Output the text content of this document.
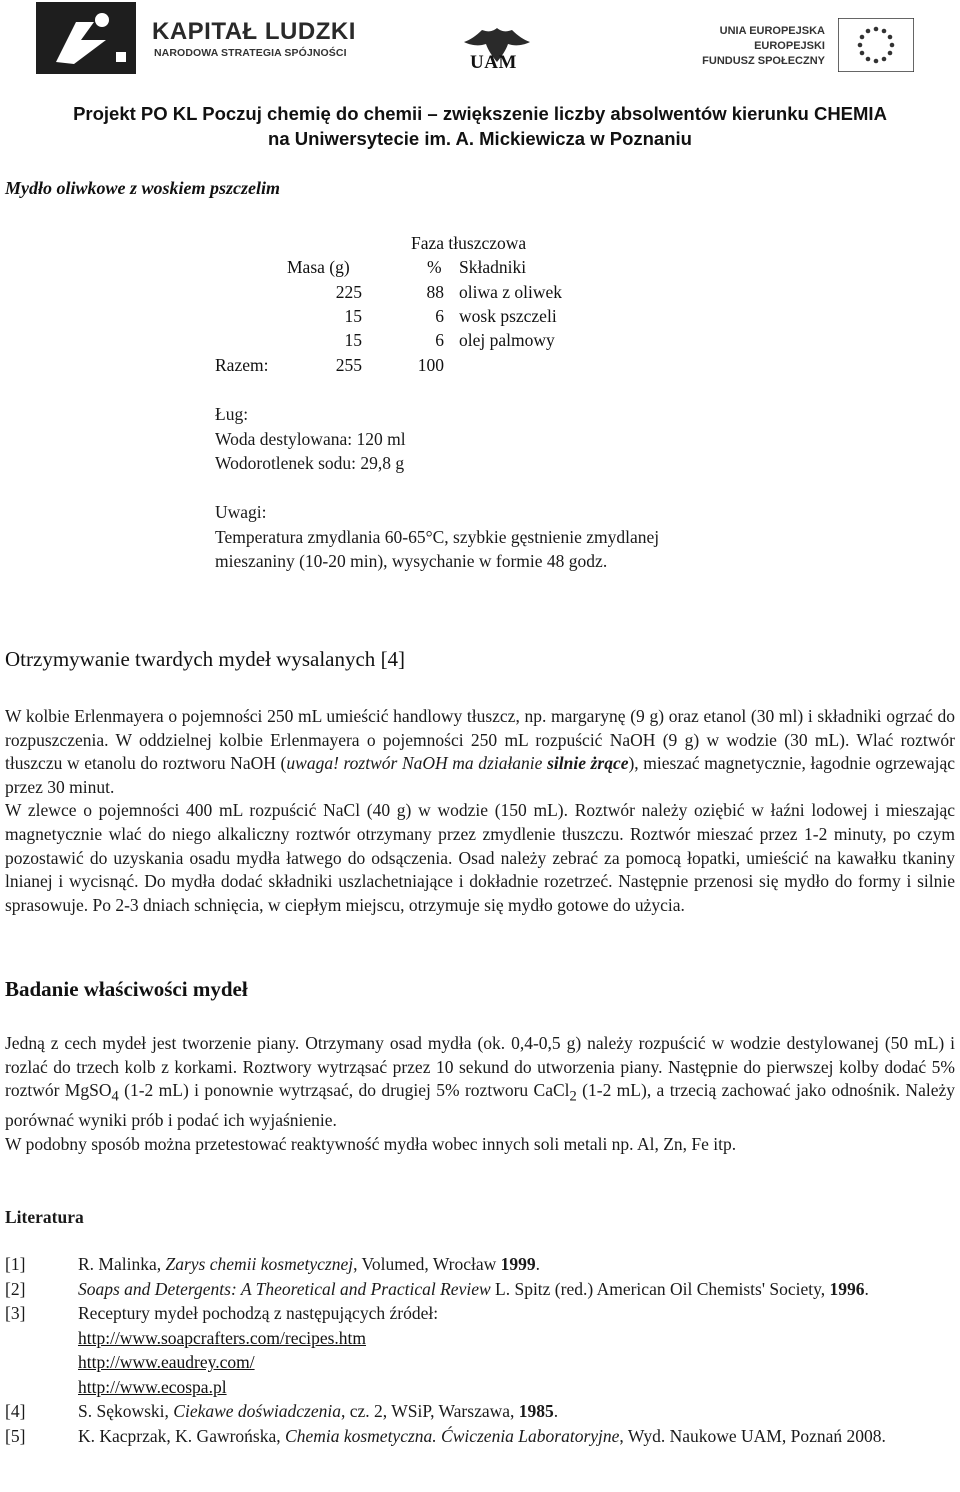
KAPITAŁ LUDZKI
NARODOWA STRATEGIA SPÓJNOŚCI	UAM
UNIA EUROPEJSKA
EUROPEJSKI
FUNDUSZ SPOŁECZNY
Projekt PO KL Poczuj chemię do chemii – zwiększenie liczby absolwentów kierunku CHEMIA
na Uniwersytecie im. A. Mickiewicza w Poznaniu
Mydło oliwkowe z woskiem pszczelim
Faza tłuszczowa
Masa (g)	% Składniki
225	88 oliwa z oliwek
15	6 wosk pszczeli
15	6 olej palmowy
Razem:	255	100
Ług:
Woda destylowana: 120 ml
Wodorotlenek sodu: 29,8 g
Uwagi:
Temperatura zmydlania 60-65°C, szybkie gęstnienie zmydlanej mieszaniny (10-20 min), wysychanie w formie 48 godz.
Otrzymywanie twardych mydeł wysalanych [4]

W kolbie Erlenmayera o pojemności 250 mL umieścić handlowy tłuszcz, np. margarynę (9 g) oraz etanol (30 ml) i składniki ogrzać do rozpuszczenia. W oddzielnej kolbie Erlenmayera o pojemności 250 mL rozpuścić NaOH (9 g) w wodzie (30 mL). Wlać roztwór tłuszczu w etanolu do roztworu NaOH (uwaga! roztwór NaOH ma działanie silnie żrące), mieszać magnetycznie, łagodnie ogrzewając przez 30 minut.

W zlewce o pojemności 400 mL rozpuścić NaCl (40 g) w wodzie (150 mL). Roztwór należy oziębić w łaźni lodowej i mieszając magnetycznie wlać do niego alkaliczny roztwór otrzymany przez zmydlenie tłuszczu. Roztwór mieszać przez 1-2 minuty, po czym pozostawić do uzyskania osadu mydła łatwego do odsączenia. Osad należy zebrać za pomocą łopatki, umieścić na kawałku tkaniny lnianej i wycisnąć. Do mydła dodać składniki uszlachetniające i dokładnie rozetrzeć. Następnie przenosi się mydło do formy i silnie sprasowuje. Po 2-3 dniach schnięcia, w ciepłym miejscu, otrzymuje się mydło gotowe do użycia.

Badanie właściwości mydeł

Jedną z cech mydeł jest tworzenie piany. Otrzymany osad mydła (ok. 0,4-0,5 g) należy rozpuścić w wodzie destylowanej (50 mL) i rozlać do trzech kolb z korkami. Roztwory wytrząsać przez 10 sekund do utworzenia piany. Następnie do pierwszej kolby dodać 5% roztwór MgSO$_4$ (1-2 mL) i ponownie wytrząsać, do drugiej 5% roztworu CaCl$_2$ (1-2 mL), a trzecią zachować jako odnośnik. Należy porównać wyniki prób i podać ich wyjaśnienie.

W podobny sposób można przetestować reaktywność mydła wobec innych soli metali np. Al, Zn, Fe itp.

Literatura
[1]	R. Malinka, Zarys chemii kosmetycznej, Volumed, Wrocław 1999.
[2]	Soaps and Detergents: A Theoretical and Practical Review L. Spitz (red.) American Oil Chemists' Society, 1996.
[3]	Receptury mydeł pochodzą z następujących źródeł:
http://www.soapcrafters.com/recipes.htm
http://www.eaudrey.com/
http://www.ecospa.pl
[4]	S. Sękowski, Ciekawe doświadczenia, cz. 2, WSiP, Warszawa, 1985.
[5]	K. Kacprzak, K. Gawrońska, Chemia kosmetyczna. Ćwiczenia Laboratoryjne, Wyd. Naukowe UAM, Poznań 2008.
